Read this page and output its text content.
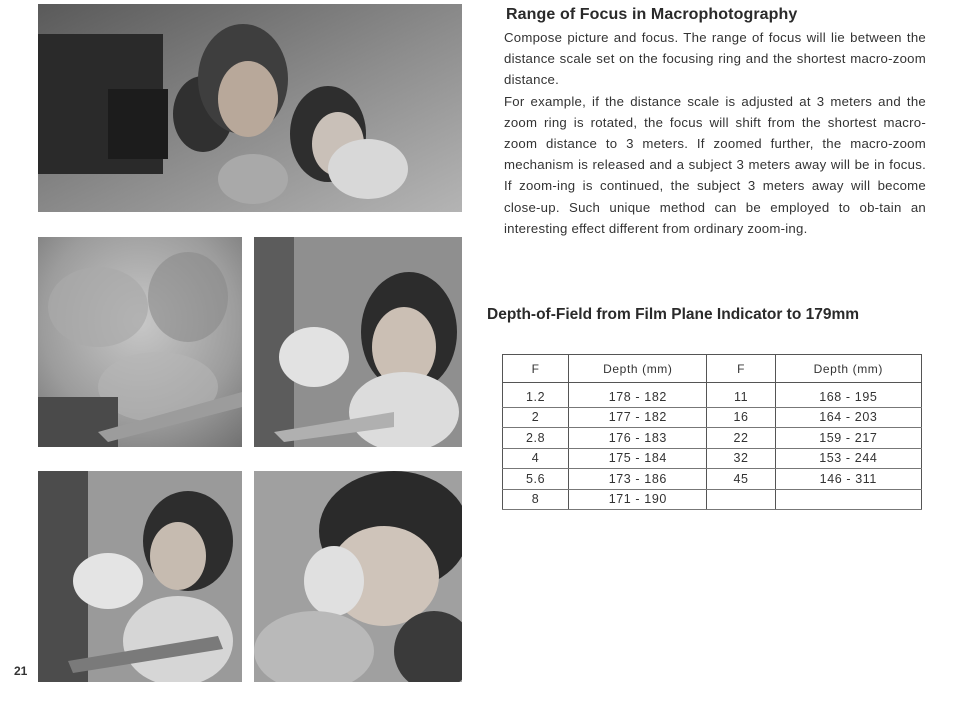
21
Range of Focus in Macrophotography

Compose picture and focus. The range of focus will lie between the distance scale set on the focusing ring and the shortest macro-zoom distance.

For example, if the distance scale is adjusted at 3 meters and the zoom ring is rotated, the focus will shift from the shortest macro-zoom distance to 3 meters. If zoomed further, the macro-zoom mechanism is released and a subject 3 meters away will be in focus. If zoom-ing is continued, the subject 3 meters away will become close-up. Such unique method can be employed to ob-tain an interesting effect different from ordinary zoom-ing.

Depth-of-Field from Film Plane Indicator to 179mm
F	Depth (mm)	F	Depth (mm)
1.2	178 - 182	11	168 - 195
2	177 - 182	16	164 - 203
2.8	176 - 183	22	159 - 217
4	175 - 184	32	153 - 244
5.6	173 - 186	45	146 - 311
8	171 - 190		
